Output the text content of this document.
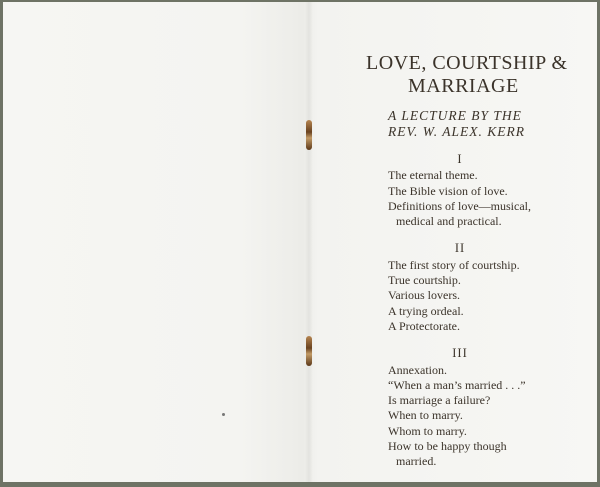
LOVE, COURTSHIP &
MARRIAGE
A LECTURE BY THE
REV. W. ALEX. KERR
I
The eternal theme.
The Bible vision of love.
Definitions of love—musical,
medical and practical.
II
The first story of courtship.
True courtship.
Various lovers.
A trying ordeal.
A Protectorate.
III
Annexation.
“When a man’s married . . .”
Is marriage a failure?
When to marry.
Whom to marry.
How to be happy though
married.
